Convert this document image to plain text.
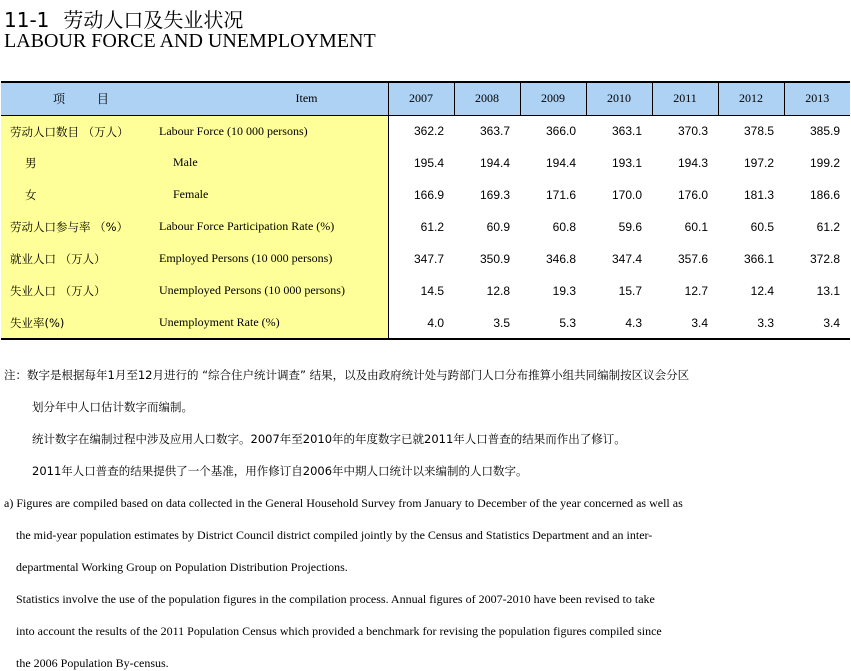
11-1 劳动人口及失业状况
LABOUR FORCE AND UNEMPLOYMENT
项 目 Item	2007	2008	2009	2010	2011	2012	2013

劳动人口数目 （万人） Labour Force (10 000 persons)	362.2	363.7	366.0	363.1	370.3	378.5	385.9

男 Male	195.4	194.4	194.4	193.1	194.3	197.2	199.2

女 Female	166.9	169.3	171.6	170.0	176.0	181.3	186.6

劳动人口参与率 （%） Labour Force Participation Rate (%)	61.2	60.9	60.8	59.6	60.1	60.5	61.2

就业人口 （万人） Employed Persons (10 000 persons)	347.7	350.9	346.8	347.4	357.6	366.1	372.8

失业人口 （万人） Unemployed Persons (10 000 persons)	14.5	12.8	19.3	15.7	12.7	12.4	13.1

失业率(%) Unemployment Rate (%)	4.0	3.5	5.3	4.3	3.4	3.3	3.4
注：数字是根据每年1月至12月进行的 “综合住户统计调查” 结果，以及由政府统计处与跨部门人口分布推算小组共同编制按区议会分区
划分年中人口估计数字而编制。
统计数字在编制过程中涉及应用人口数字。2007年至2010年的年度数字已就2011年人口普查的结果而作出了修订。
2011年人口普查的结果提供了一个基准，用作修订自2006年中期人口统计以来编制的人口数字。
a) Figures are compiled based on data collected in the General Household Survey from January to December of the year concerned as well as
the mid-year population estimates by District Council district compiled jointly by the Census and Statistics Department and an inter-
departmental Working Group on Population Distribution Projections.
Statistics involve the use of the population figures in the compilation process. Annual figures of 2007-2010 have been revised to take
into account the results of the 2011 Population Census which provided a benchmark for revising the population figures compiled since
the 2006 Population By-census.
